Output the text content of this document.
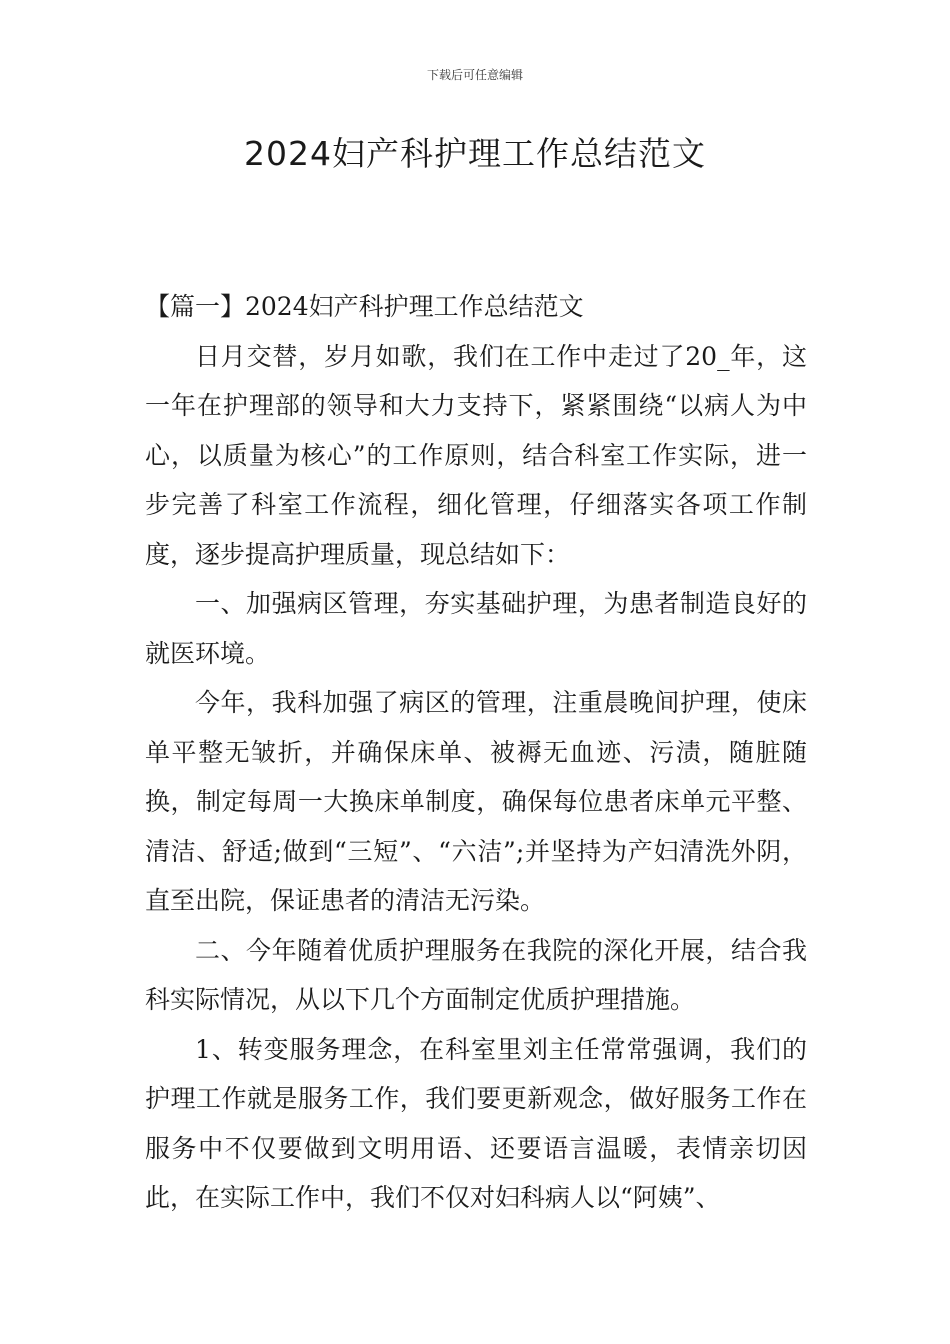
下载后可任意编辑
2024妇产科护理工作总结范文

【篇一】2024妇产科护理工作总结范文

日月交替，岁月如歌，我们在工作中走过了20_年，这一年在护理部的领导和大力支持下，紧紧围绕“以病人为中心，以质量为核心”的工作原则，结合科室工作实际，进一步完善了科室工作流程，细化管理，仔细落实各项工作制度，逐步提高护理质量，现总结如下：

一、加强病区管理，夯实基础护理，为患者制造良好的就医环境。

今年，我科加强了病区的管理，注重晨晚间护理，使床单平整无皱折，并确保床单、被褥无血迹、污渍，随脏随换，制定每周一大换床单制度，确保每位患者床单元平整、清洁、舒适;做到“三短”、“六洁”;并坚持为产妇清洗外阴，直至出院，保证患者的清洁无污染。

二、今年随着优质护理服务在我院的深化开展，结合我科实际情况，从以下几个方面制定优质护理措施。

1、转变服务理念，在科室里刘主任常常强调，我们的护理工作就是服务工作，我们要更新观念，做好服务工作在服务中不仅要做到文明用语、还要语言温暖，表情亲切因此，在实际工作中，我们不仅对妇科病人以“阿姨”、
